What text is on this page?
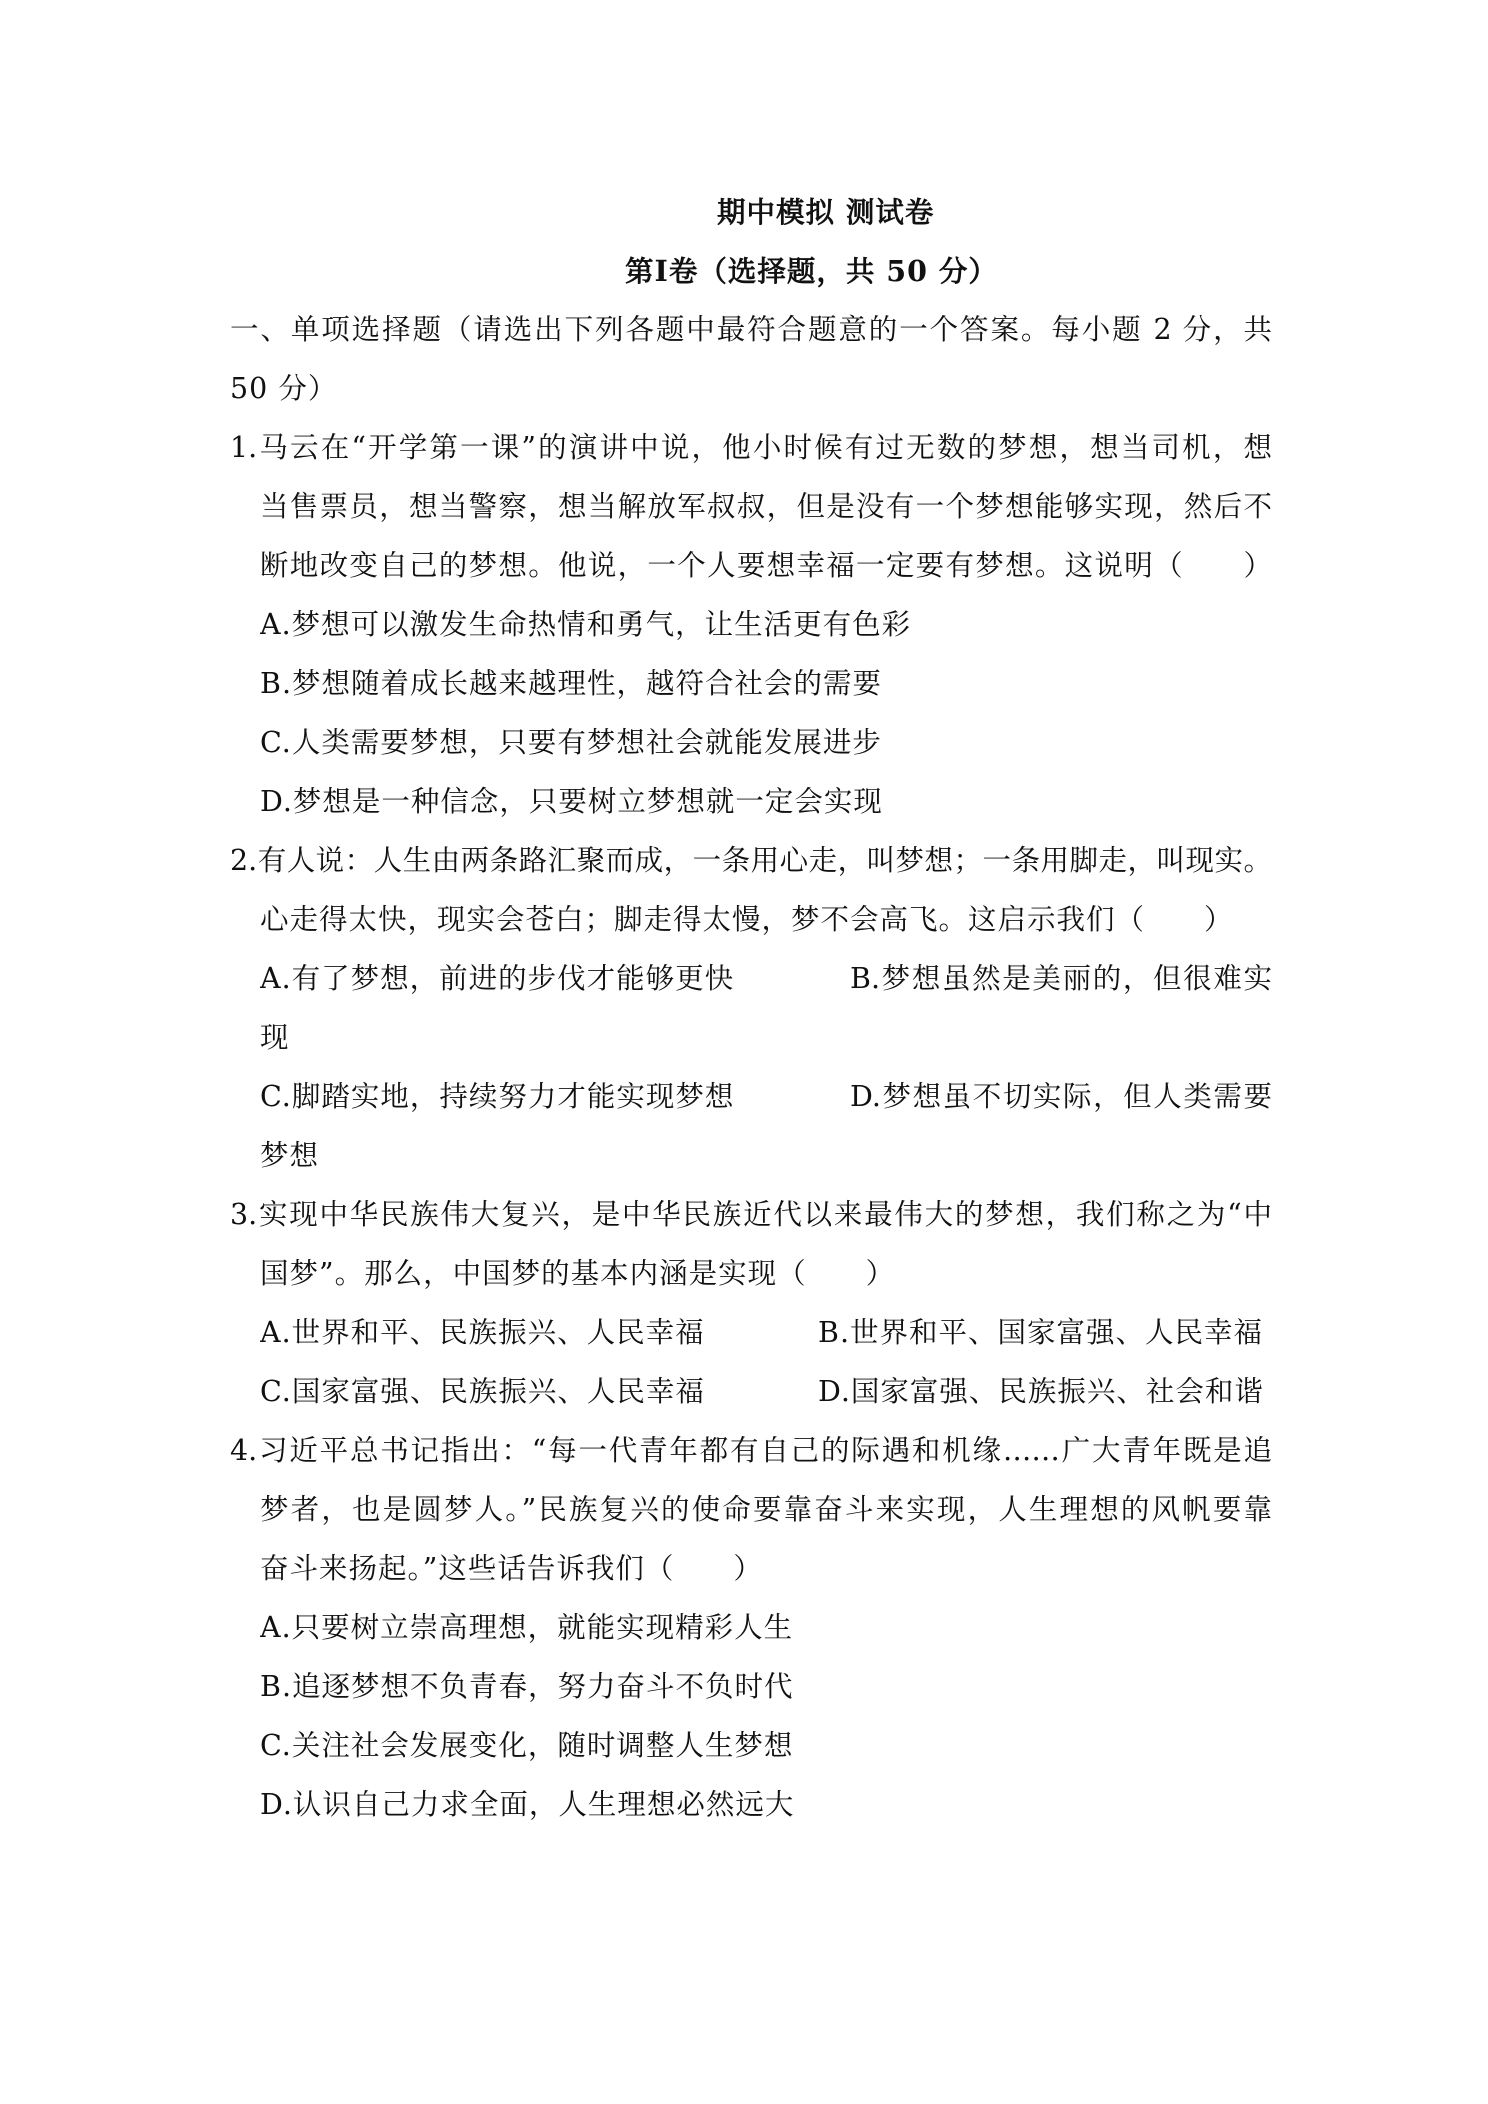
期中模拟 测试卷
第Ⅰ卷（选择题，共 50 分）
一、单项选择题（请选出下列各题中最符合题意的一个答案。每小题 2 分，共
50 分）
1.马云在“开学第一课”的演讲中说，他小时候有过无数的梦想，想当司机，想
当售票员，想当警察，想当解放军叔叔，但是没有一个梦想能够实现，然后不
断地改变自己的梦想。他说，一个人要想幸福一定要有梦想。这说明（　　）
A.梦想可以激发生命热情和勇气，让生活更有色彩
B.梦想随着成长越来越理性，越符合社会的需要
C.人类需要梦想，只要有梦想社会就能发展进步
D.梦想是一种信念，只要树立梦想就一定会实现
2.有人说：人生由两条路汇聚而成，一条用心走，叫梦想；一条用脚走，叫现实。
心走得太快，现实会苍白；脚走得太慢，梦不会高飞。这启示我们（　　）
A.有了梦想，前进的步伐才能够更快	B.梦想虽然是美丽的，但很难实
现
C.脚踏实地，持续努力才能实现梦想	D.梦想虽不切实际，但人类需要
梦想
3.实现中华民族伟大复兴，是中华民族近代以来最伟大的梦想，我们称之为“中
国梦”。那么，中国梦的基本内涵是实现（　　）
A.世界和平、民族振兴、人民幸福	B.世界和平、国家富强、人民幸福
C.国家富强、民族振兴、人民幸福	D.国家富强、民族振兴、社会和谐
4.习近平总书记指出：“每一代青年都有自己的际遇和机缘……广大青年既是追
梦者，也是圆梦人。”民族复兴的使命要靠奋斗来实现，人生理想的风帆要靠
奋斗来扬起。”这些话告诉我们（　　）
A.只要树立崇高理想，就能实现精彩人生
B.追逐梦想不负青春，努力奋斗不负时代
C.关注社会发展变化，随时调整人生梦想
D.认识自己力求全面，人生理想必然远大
